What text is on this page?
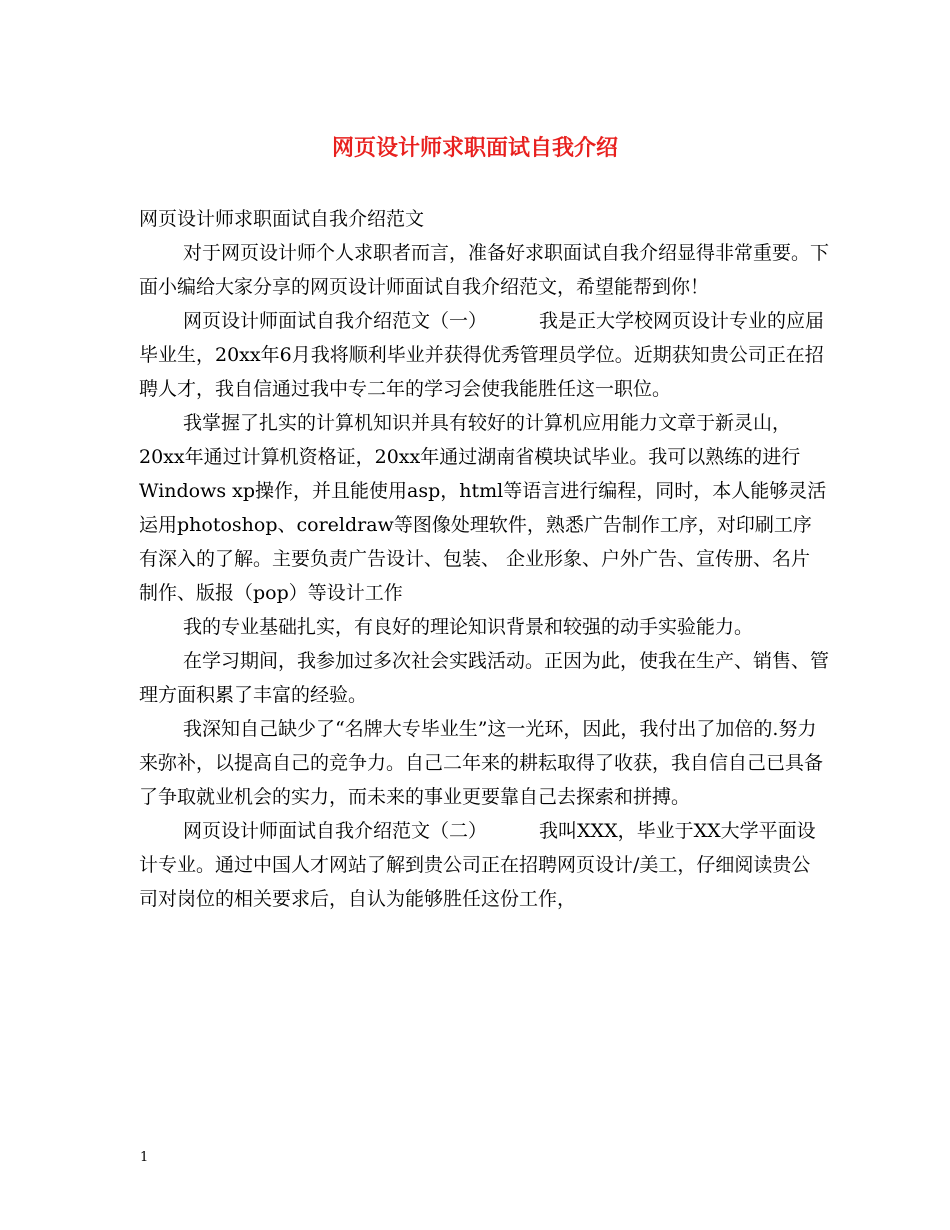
网页设计师求职面试自我介绍

网页设计师求职面试自我介绍范文

对于网页设计师个人求职者而言，准备好求职面试自我介绍显得非常重要。下面小编给大家分享的网页设计师面试自我介绍范文，希望能帮到你！

网页设计师面试自我介绍范文（一）	我是正大学校网页设计专业的应届毕业生，20xx年6月我将顺利毕业并获得优秀管理员学位。近期获知贵公司正在招聘人才，我自信通过我中专二年的学习会使我能胜任这一职位。

我掌握了扎实的计算机知识并具有较好的计算机应用能力文章于新灵山，20xx年通过计算机资格证，20xx年通过湖南省模块试毕业。我可以熟练的进行Windows xp操作，并且能使用asp，html等语言进行编程，同时，本人能够灵活运用photoshop、coreldraw等图像处理软件，熟悉广告制作工序，对印刷工序有深入的了解。主要负责广告设计、包装、 企业形象、户外广告、宣传册、名片制作、版报（pop）等设计工作

我的专业基础扎实，有良好的理论知识背景和较强的动手实验能力。

在学习期间，我参加过多次社会实践活动。正因为此，使我在生产、销售、管理方面积累了丰富的经验。

我深知自己缺少了“名牌大专毕业生”这一光环，因此，我付出了加倍的.努力来弥补，以提高自己的竞争力。自己二年来的耕耘取得了收获，我自信自己已具备了争取就业机会的实力，而未来的事业更要靠自己去探索和拼搏。

网页设计师面试自我介绍范文（二）	我叫XXX，毕业于XX大学平面设计专业。通过中国人才网站了解到贵公司正在招聘网页设计/美工，仔细阅读贵公司对岗位的相关要求后，自认为能够胜任这份工作，

1
